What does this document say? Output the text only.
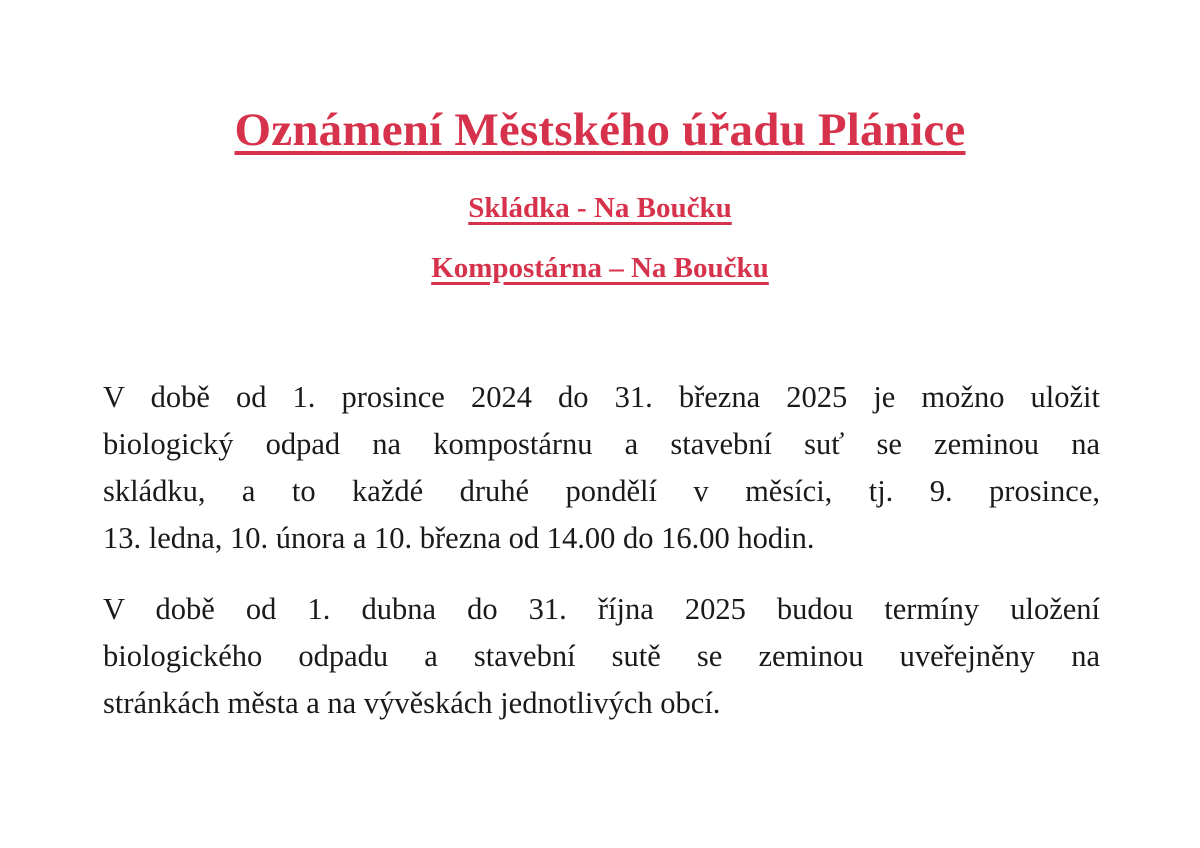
Oznámení Městského úřadu Plánice
Skládka - Na Boučku
Kompostárna – Na Boučku
V době od 1. prosince 2024 do 31. března 2025 je možno uložit
biologický odpad na kompostárnu a stavební suť se zeminou na
skládku, a to každé druhé pondělí v měsíci, tj. 9. prosince,
13. ledna, 10. února a 10. března od 14.00 do 16.00 hodin.
V době od 1. dubna do 31. října 2025 budou termíny uložení
biologického odpadu a stavební sutě se zeminou uveřejněny na
stránkách města a na vývěskách jednotlivých obcí.
